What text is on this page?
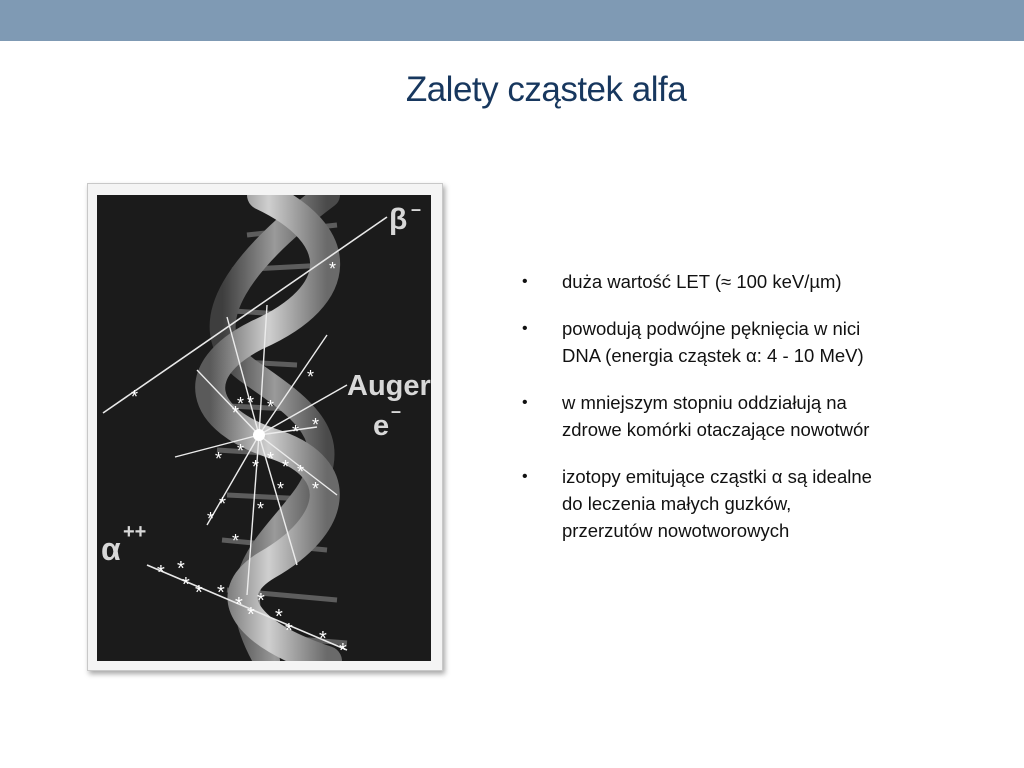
Zalety cząstek alfa
*
*
* * *
* *
*
*
* * * * *
*
*
*
*
*
*
*
* *
* * *
* *
*
*
* *
*
β –
Auger
e –
α ++
• duża wartość LET (≈ 100 keV/µm)
• powodują podwójne pęknięcia w nici
DNA (energia cząstek α: 4 - 10 MeV)
• w mniejszym stopniu oddziałują na
zdrowe komórki otaczające nowotwór
• izotopy emitujące cząstki α są idealne
do leczenia małych guzków,
przerzutów nowotworowych
